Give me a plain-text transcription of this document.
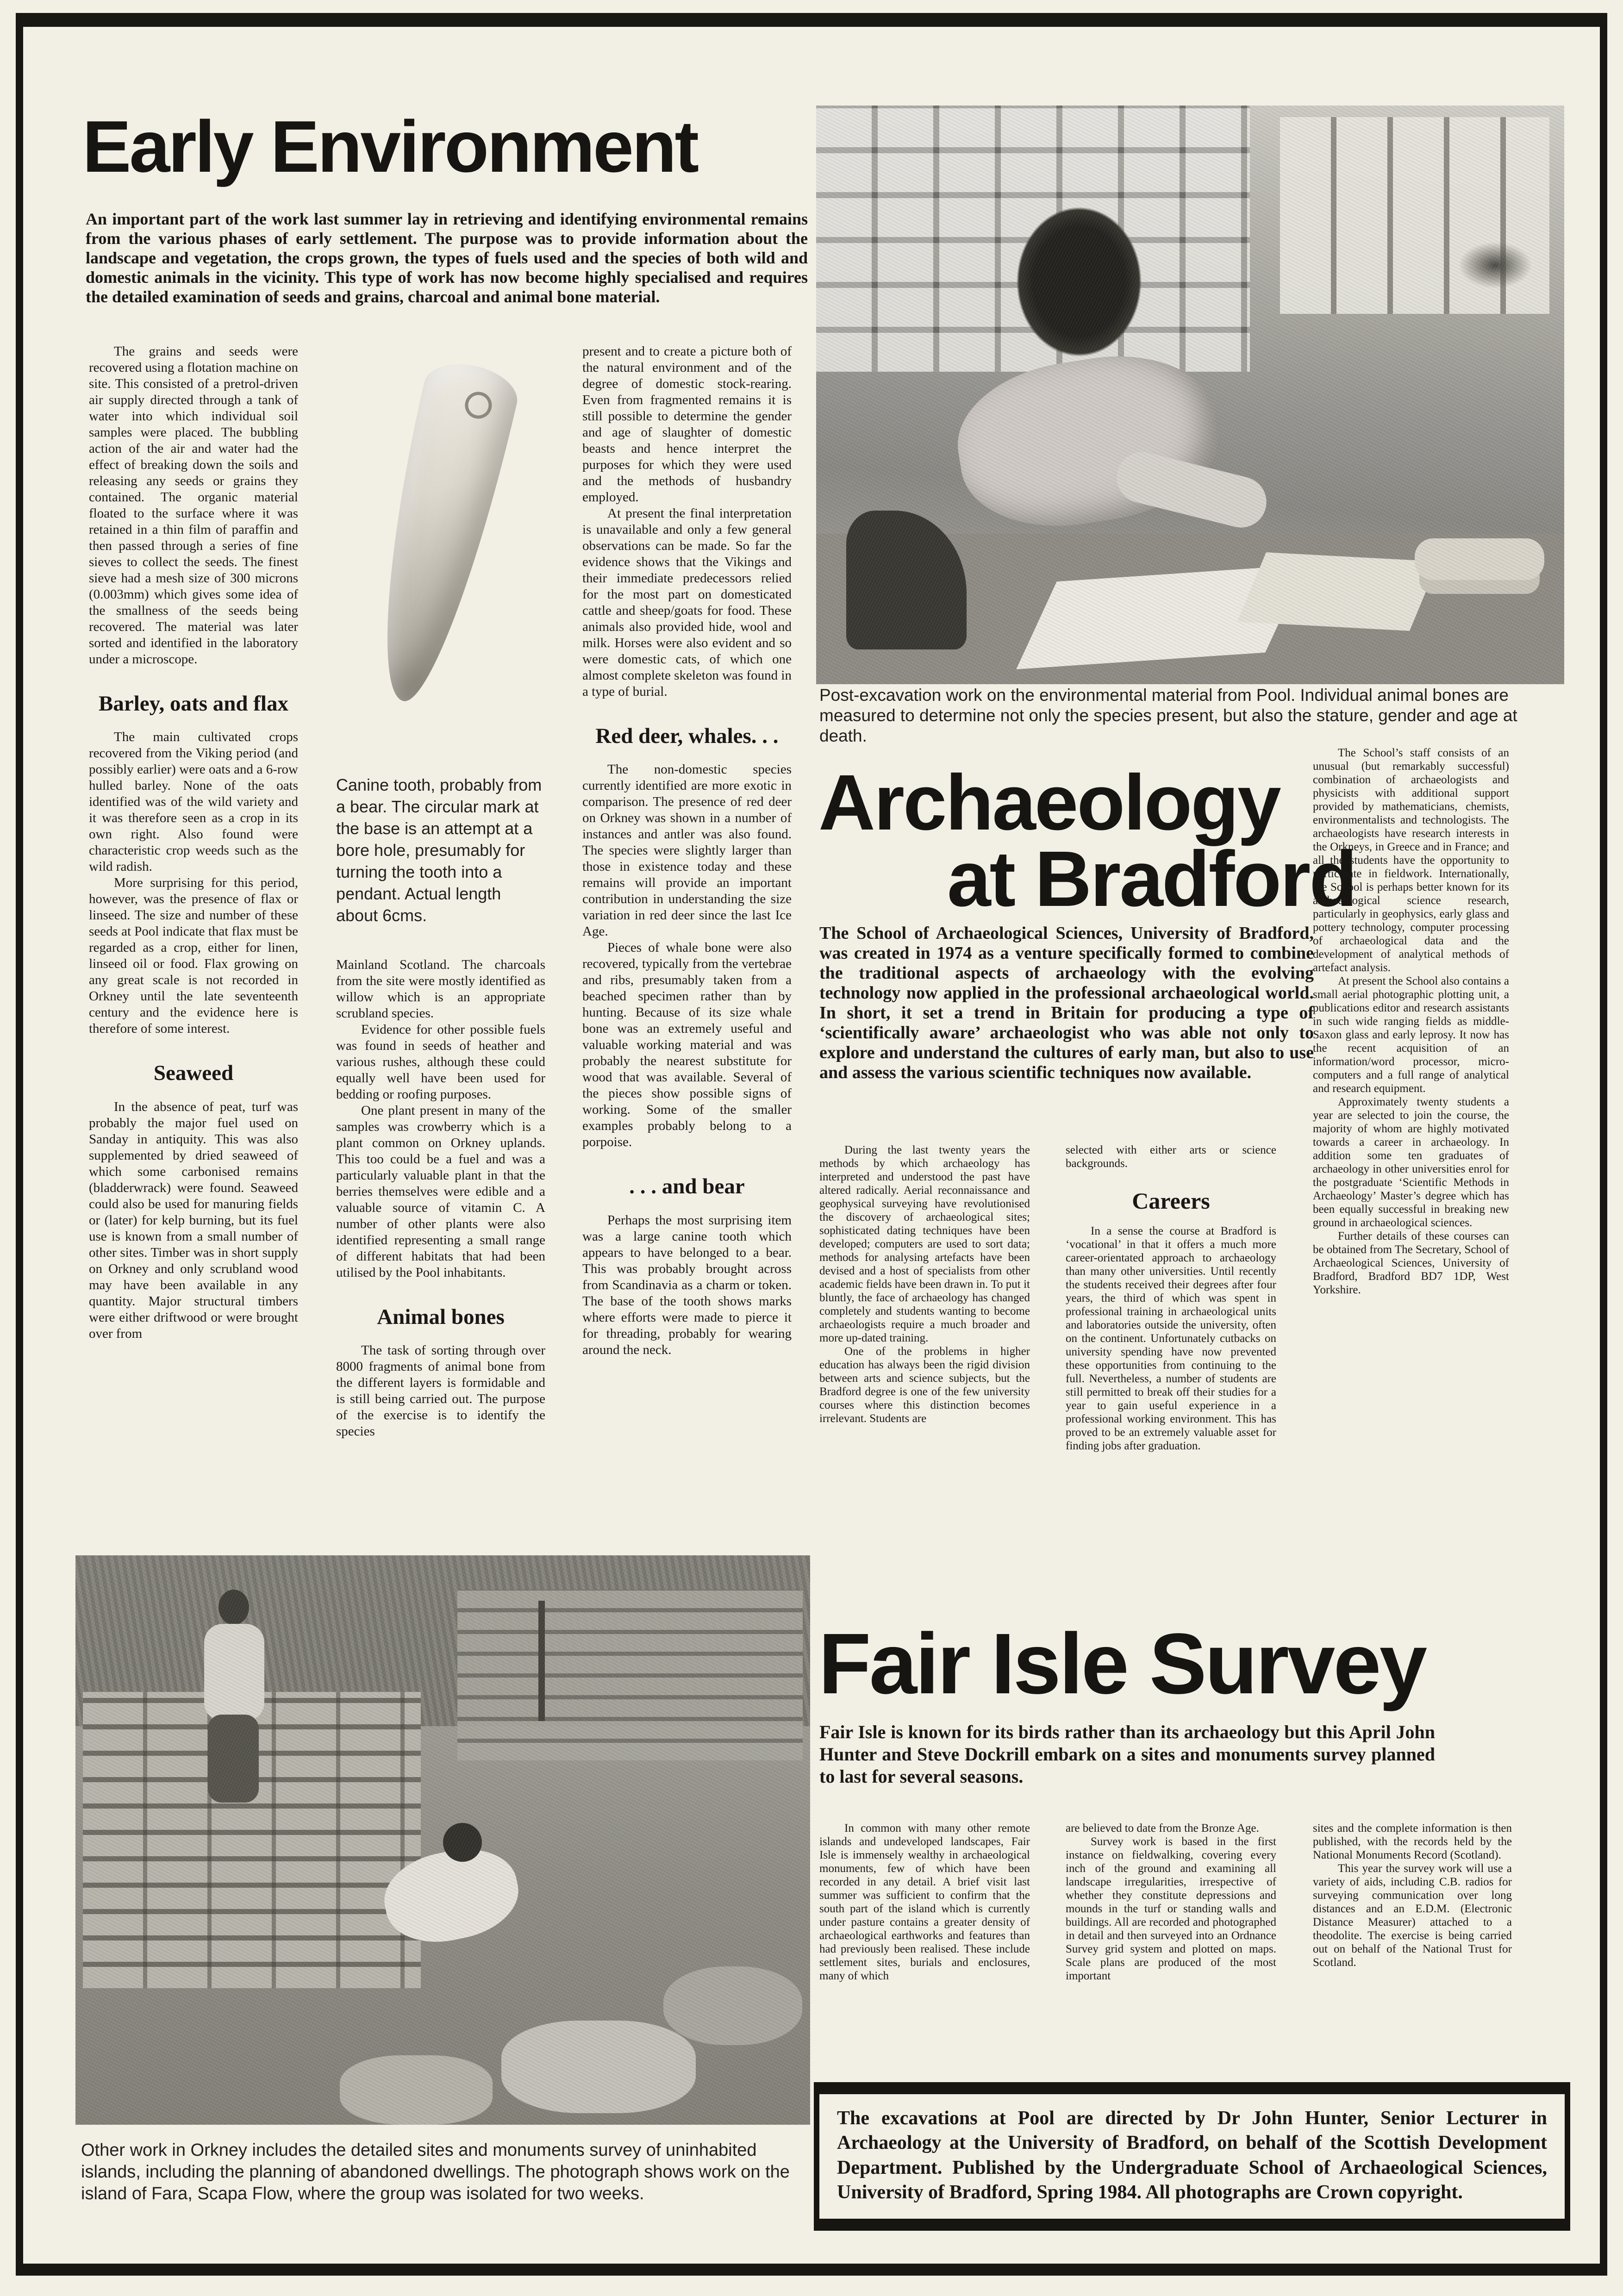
Early Environment

An important part of the work last summer lay in retrieving and identifying environmental remains from the various phases of early settlement. The purpose was to provide information about the landscape and vegetation, the crops grown, the types of fuels used and the species of both wild and domestic animals in the vicinity. This type of work has now become highly specialised and requires the detailed examination of seeds and grains, charcoal and animal bone material.

The grains and seeds were recovered using a flotation machine on site. This consisted of a pretrol-driven air supply directed through a tank of water into which individual soil samples were placed. The bubbling action of the air and water had the effect of breaking down the soils and releasing any seeds or grains they contained. The organic material floated to the surface where it was retained in a thin film of paraffin and then passed through a series of fine sieves to collect the seeds. The finest sieve had a mesh size of 300 microns (0.003mm) which gives some idea of the smallness of the seeds being recovered. The material was later sorted and identified in the laboratory under a microscope.

Barley, oats and flax

The main cultivated crops recovered from the Viking period (and possibly earlier) were oats and a 6-row hulled barley. None of the oats identified was of the wild variety and it was therefore seen as a crop in its own right. Also found were characteristic crop weeds such as the wild radish.

More surprising for this period, however, was the presence of flax or linseed. The size and number of these seeds at Pool indicate that flax must be regarded as a crop, either for linen, linseed oil or food. Flax growing on any great scale is not recorded in Orkney until the late seventeenth century and the evidence here is therefore of some interest.

Seaweed

In the absence of peat, turf was probably the major fuel used on Sanday in antiquity. This was also supplemented by dried seaweed of which some carbonised remains (bladderwrack) were found. Seaweed could also be used for manuring fields or (later) for kelp burning, but its fuel use is known from a small number of other sites. Timber was in short supply on Orkney and only scrubland wood may have been available in any quantity. Major structural timbers were either driftwood or were brought over from

Canine tooth, probably from a bear. The circular mark at the base is an attempt at a bore hole, presumably for turning the tooth into a pendant. Actual length about 6cms.

Mainland Scotland. The charcoals from the site were mostly identified as willow which is an appropriate scrubland species.

Evidence for other possible fuels was found in seeds of heather and various rushes, although these could equally well have been used for bedding or roofing purposes.

One plant present in many of the samples was crowberry which is a plant common on Orkney uplands. This too could be a fuel and was a particularly valuable plant in that the berries themselves were edible and a valuable source of vitamin C. A number of other plants were also identified representing a small range of different habitats that had been utilised by the Pool inhabitants.

Animal bones

The task of sorting through over 8000 fragments of animal bone from the different layers is formidable and is still being carried out. The purpose of the exercise is to identify the species

present and to create a picture both of the natural environment and of the degree of domestic stock-rearing. Even from fragmented remains it is still possible to determine the gender and age of slaughter of domestic beasts and hence interpret the purposes for which they were used and the methods of husbandry employed.

At present the final interpretation is unavailable and only a few general observations can be made. So far the evidence shows that the Vikings and their immediate predecessors relied for the most part on domesticated cattle and sheep/goats for food. These animals also provided hide, wool and milk. Horses were also evident and so were domestic cats, of which one almost complete skeleton was found in a type of burial.

Red deer, whales. . .

The non-domestic species currently identified are more exotic in comparison. The presence of red deer on Orkney was shown in a number of instances and antler was also found. The species were slightly larger than those in existence today and these remains will provide an important contribution in understanding the size variation in red deer since the last Ice Age.

Pieces of whale bone were also recovered, typically from the vertebrae and ribs, presumably taken from a beached specimen rather than by hunting. Because of its size whale bone was an extremely useful and valuable working material and was probably the nearest substitute for wood that was available. Several of the pieces show possible signs of working. Some of the smaller examples probably belong to a porpoise.

. . . and bear

Perhaps the most surprising item was a large canine tooth which appears to have belonged to a bear. This was probably brought across from Scandinavia as a charm or token. The base of the tooth shows marks where efforts were made to pierce it for threading, probably for wearing around the neck.

Post-excavation work on the environmental material from Pool. Individual animal bones are measured to determine not only the species present, but also the stature, gender and age at death.

Archaeology
at Bradford

The School of Archaeological Sciences, University of Bradford, was created in 1974 as a venture specifically formed to combine the traditional aspects of archaeology with the evolving technology now applied in the professional archaeological world. In short, it set a trend in Britain for producing a type of ‘scientifically aware’ archaeologist who was able not only to explore and understand the cultures of early man, but also to use and assess the various scientific techniques now available.

During the last twenty years the methods by which archaeology has interpreted and understood the past have altered radically. Aerial reconnaissance and geophysical surveying have revolutionised the discovery of archaeological sites; sophisticated dating techniques have been developed; computers are used to sort data; methods for analysing artefacts have been devised and a host of specialists from other academic fields have been drawn in. To put it bluntly, the face of archaeology has changed completely and students wanting to become archaeologists require a much broader and more up-dated training.

One of the problems in higher education has always been the rigid division between arts and science subjects, but the Bradford degree is one of the few university courses where this distinction becomes irrelevant. Students are

selected with either arts or science backgrounds.

Careers

In a sense the course at Bradford is ‘vocational’ in that it offers a much more career-orientated approach to archaeology than many other universities. Until recently the students received their degrees after four years, the third of which was spent in professional training in archaeological units and laboratories outside the university, often on the continent. Unfortunately cutbacks on university spending have now prevented these opportunities from continuing to the full. Nevertheless, a number of students are still permitted to break off their studies for a year to gain useful experience in a professional working environment. This has proved to be an extremely valuable asset for finding jobs after graduation.

The School’s staff consists of an unusual (but remarkably successful) combination of archaeologists and physicists with additional support provided by mathematicians, chemists, environmentalists and technologists. The archaeologists have research interests in the Orkneys, in Greece and in France; and all the students have the opportunity to participate in fieldwork. Internationally, the School is perhaps better known for its archaeological science research, particularly in geophysics, early glass and pottery technology, computer processing of archaeological data and the development of analytical methods of artefact analysis.

At present the School also contains a small aerial photographic plotting unit, a publications editor and research assistants in such wide ranging fields as middle-Saxon glass and early leprosy. It now has the recent acquisition of an information/word processor, micro-computers and a full range of analytical and research equipment.

Approximately twenty students a year are selected to join the course, the majority of whom are highly motivated towards a career in archaeology. In addition some ten graduates of archaeology in other universities enrol for the postgraduate ‘Scientific Methods in Archaeology’ Master’s degree which has been equally successful in breaking new ground in archaeological sciences.

Further details of these courses can be obtained from The Secretary, School of Archaeological Sciences, University of Bradford, Bradford BD7 1DP, West Yorkshire.

Fair Isle Survey

Fair Isle is known for its birds rather than its archaeology but this April John Hunter and Steve Dockrill embark on a sites and monuments survey planned to last for several seasons.

In common with many other remote islands and undeveloped landscapes, Fair Isle is immensely wealthy in archaeological monuments, few of which have been recorded in any detail. A brief visit last summer was sufficient to confirm that the south part of the island which is currently under pasture contains a greater density of archaeological earthworks and features than had previously been realised. These include settlement sites, burials and enclosures, many of which

are believed to date from the Bronze Age.

Survey work is based in the first instance on fieldwalking, covering every inch of the ground and examining all landscape irregularities, irrespective of whether they constitute depressions and mounds in the turf or standing walls and buildings. All are recorded and photographed in detail and then surveyed into an Ordnance Survey grid system and plotted on maps. Scale plans are produced of the most important

sites and the complete information is then published, with the records held by the National Monuments Record (Scotland).

This year the survey work will use a variety of aids, including C.B. radios for surveying communication over long distances and an E.D.M. (Electronic Distance Measurer) attached to a theodolite. The exercise is being carried out on behalf of the National Trust for Scotland.

Other work in Orkney includes the detailed sites and monuments survey of uninhabited islands, including the planning of abandoned dwellings. The photograph shows work on the island of Fara, Scapa Flow, where the group was isolated for two weeks.

The excavations at Pool are directed by Dr John Hunter, Senior Lecturer in Archaeology at the University of Bradford, on behalf of the Scottish Development Department. Published by the Undergraduate School of Archaeological Sciences, University of Bradford, Spring 1984. All photographs are Crown copyright.
